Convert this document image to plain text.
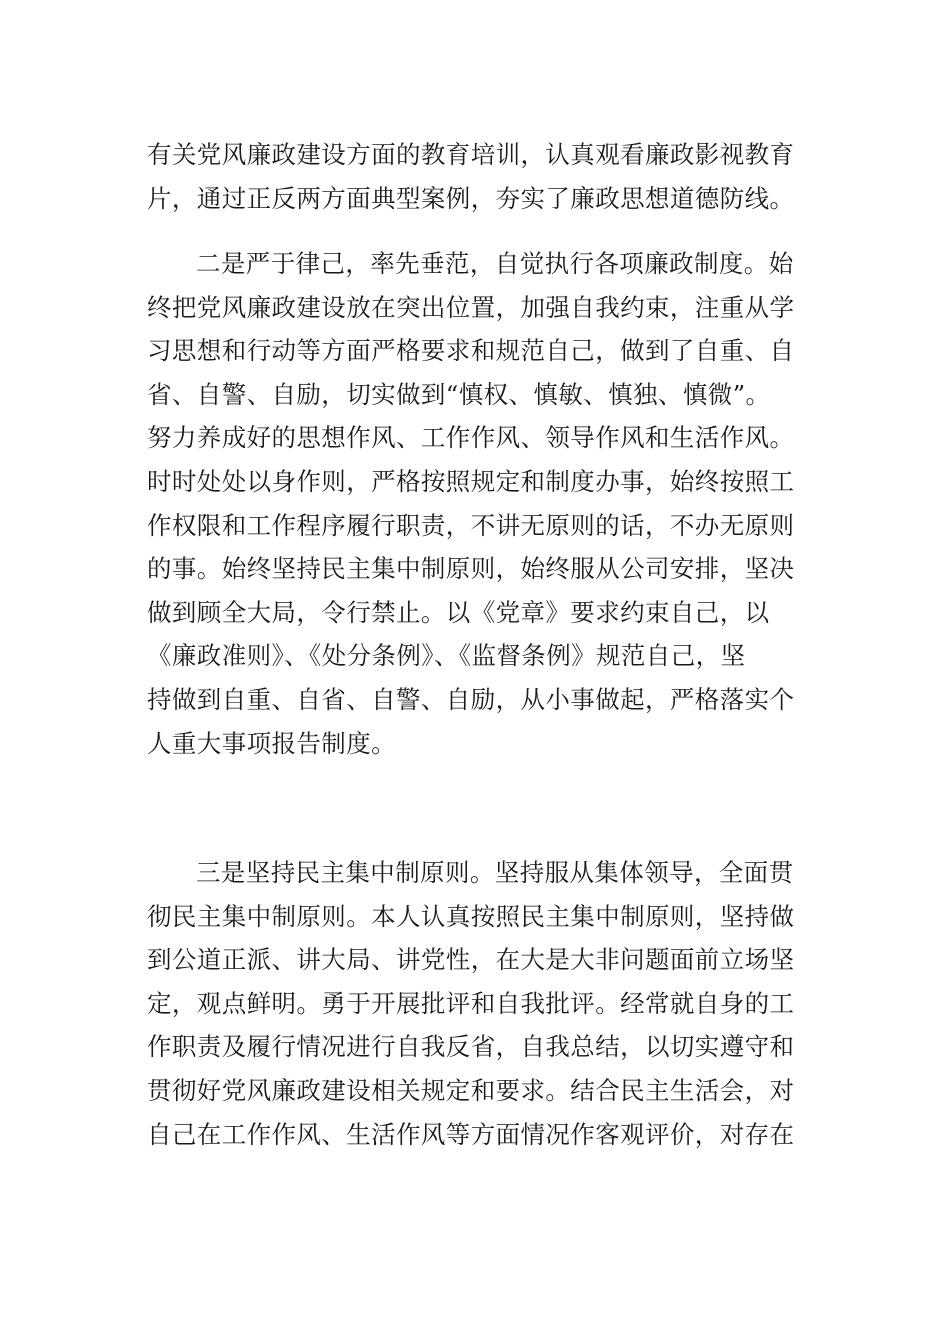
有关党风廉政建设方面的教育培训，认真观看廉政影视教育
片，通过正反两方面典型案例，夯实了廉政思想道德防线。
二是严于律己，率先垂范，自觉执行各项廉政制度。始
终把党风廉政建设放在突出位置，加强自我约束，注重从学
习思想和行动等方面严格要求和规范自己，做到了自重、自
省、自警、自励，切实做到“慎权、慎敏、慎独、慎微”。
努力养成好的思想作风、工作作风、领导作风和生活作风。
时时处处以身作则，严格按照规定和制度办事，始终按照工
作权限和工作程序履行职责，不讲无原则的话，不办无原则
的事。始终坚持民主集中制原则，始终服从公司安排，坚决
做到顾全大局，令行禁止。以《党章》要求约束自己，以
《廉政准则》、《处分条例》、《监督条例》规范自己，坚
持做到自重、自省、自警、自励，从小事做起，严格落实个
人重大事项报告制度。
三是坚持民主集中制原则。坚持服从集体领导，全面贯
彻民主集中制原则。本人认真按照民主集中制原则，坚持做
到公道正派、讲大局、讲党性，在大是大非问题面前立场坚
定，观点鲜明。勇于开展批评和自我批评。经常就自身的工
作职责及履行情况进行自我反省，自我总结，以切实遵守和
贯彻好党风廉政建设相关规定和要求。结合民主生活会，对
自己在工作作风、生活作风等方面情况作客观评价，对存在
